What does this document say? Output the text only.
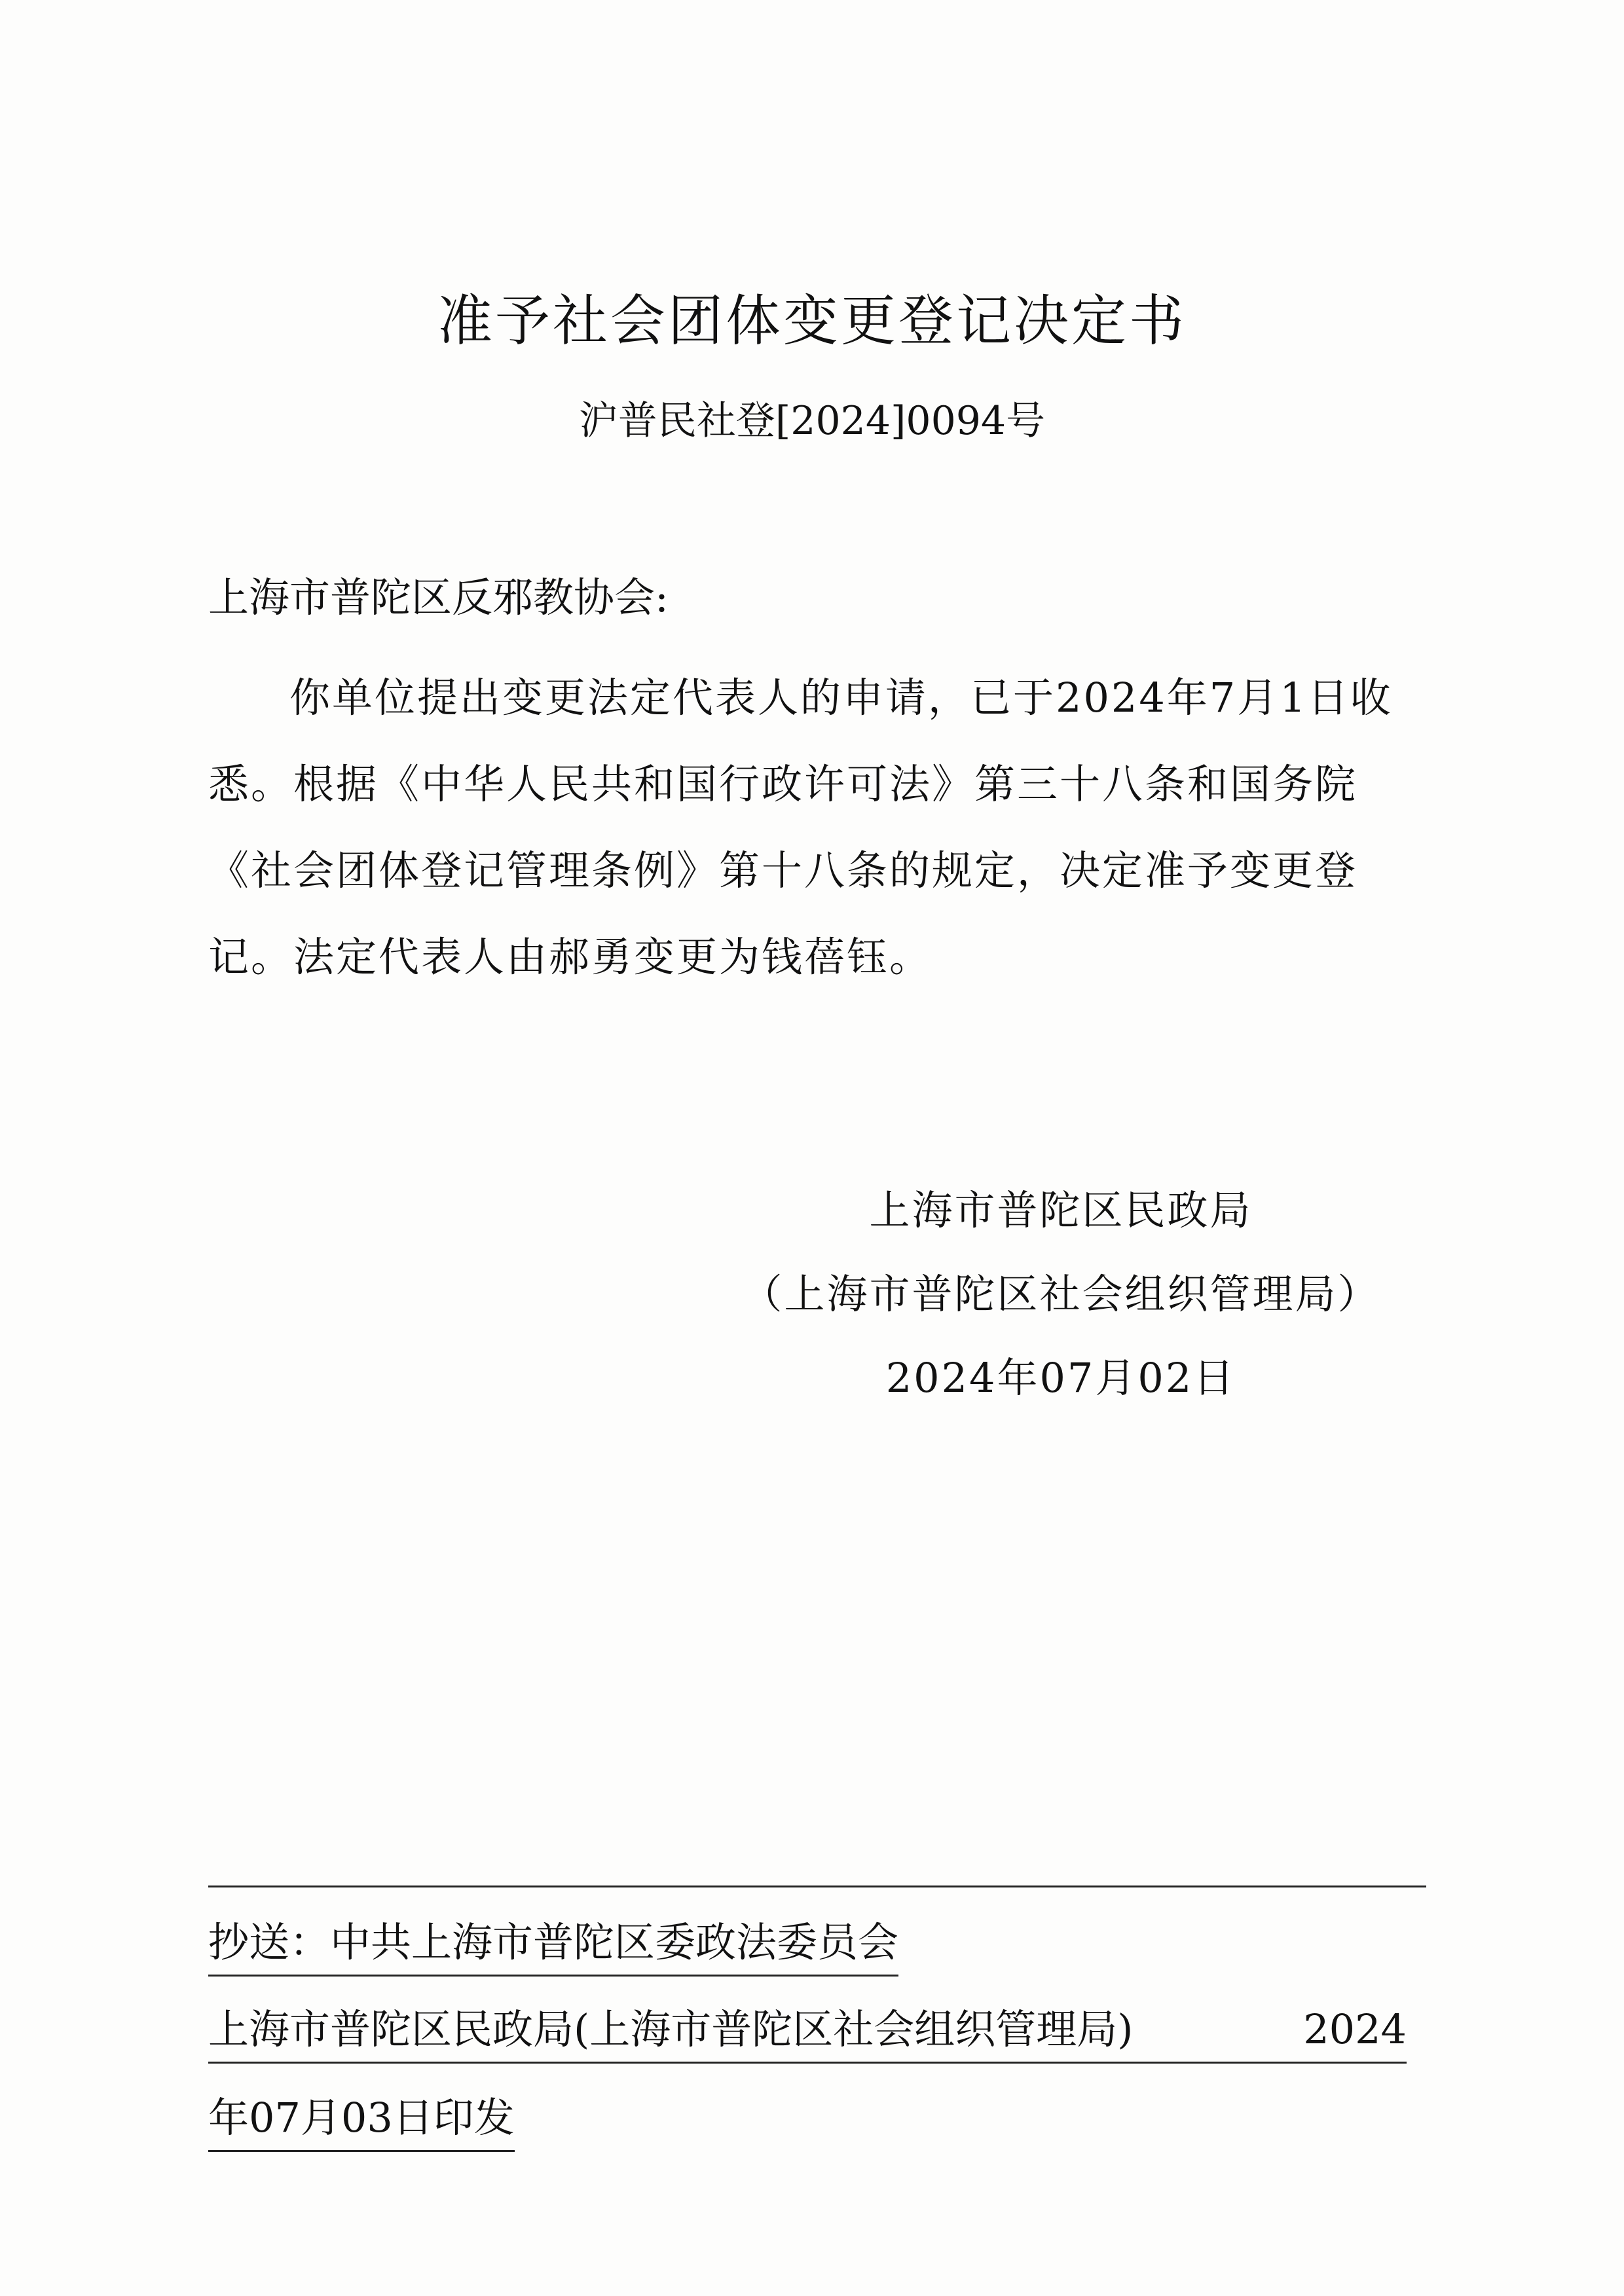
准予社会团体变更登记决定书
沪普民社登[2024]0094号
上海市普陀区反邪教协会:
你单位提出变更法定代表人的申请，已于2024年7月1日收
悉。根据《中华人民共和国行政许可法》第三十八条和国务院
《社会团体登记管理条例》第十八条的规定，决定准予变更登
记。法定代表人由郝勇变更为钱蓓钰。
上海市普陀区民政局
（上海市普陀区社会组织管理局）
2024年07月02日
抄送：中共上海市普陀区委政法委员会
上海市普陀区民政局(上海市普陀区社会组织管理局)	2024
年07月03日印发
